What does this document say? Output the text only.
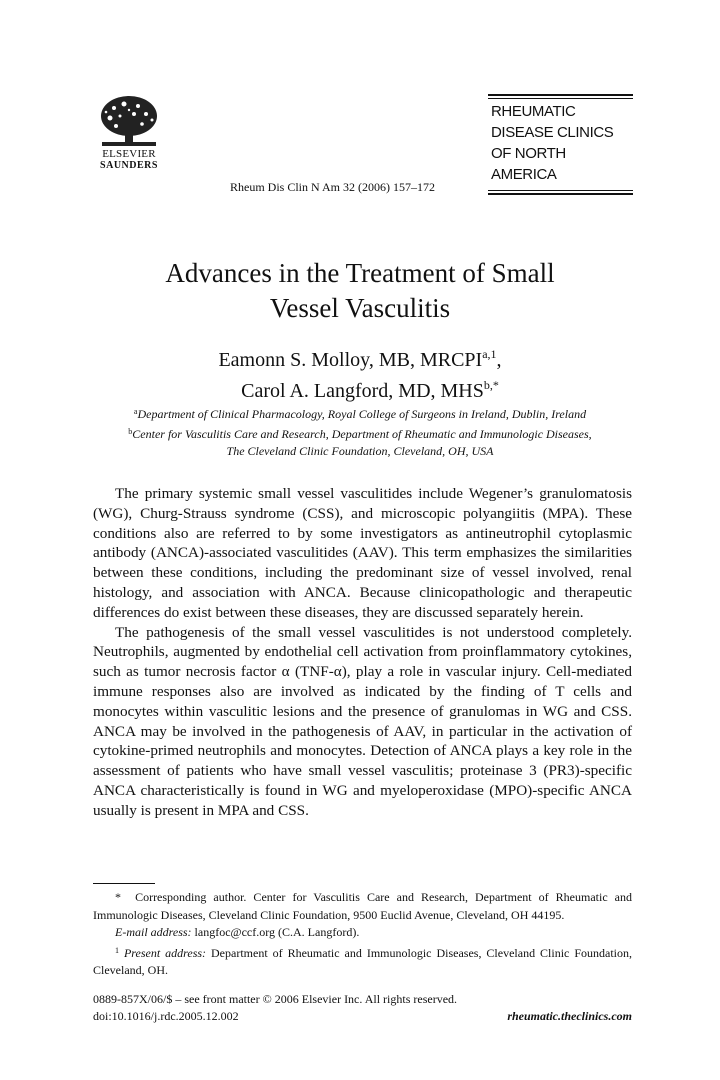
ELSEVIER
SAUNDERS
Rheum Dis Clin N Am 32 (2006) 157–172
RHEUMATIC
DISEASE CLINICS
OF NORTH AMERICA
Advances in the Treatment of Small
Vessel Vasculitis
Eamonn S. Molloy, MB, MRCPI$^{a,1}$,
Carol A. Langford, MD, $MHS^{b,*}$
$^a$Department of Clinical Pharmacology, Royal College of Surgeons in Ireland, Dublin, Ireland
$^b$Center for Vasculitis Care and Research, Department of Rheumatic and Immunologic Diseases,
The Cleveland Clinic Foundation, Cleveland, OH, USA

The primary systemic small vessel vasculitides include Wegener’s granulomatosis (WG), Churg-Strauss syndrome (CSS), and microscopic polyangiitis (MPA). These conditions also are referred to by some investigators as antineutrophil cytoplasmic antibody (ANCA)-associated vasculitides (AAV). This term emphasizes the similarities between these conditions, including the predominant size of vessel involved, renal histology, and association with ANCA. Because clinicopathologic and therapeutic differences do exist between these diseases, they are discussed separately herein.

The pathogenesis of the small vessel vasculitides is not understood completely. Neutrophils, augmented by endothelial cell activation from proinflammatory cytokines, such as tumor necrosis factor α (TNF-α), play a role in vascular injury. Cell-mediated immune responses also are involved as indicated by the finding of T cells and monocytes within vasculitic lesions and the presence of granulomas in WG and CSS. ANCA may be involved in the pathogenesis of AAV, in particular in the activation of cytokine-primed neutrophils and monocytes. Detection of ANCA plays a key role in the assessment of patients who have small vessel vasculitis; proteinase 3 (PR3)-specific ANCA characteristically is found in WG and myeloperoxidase (MPO)-specific ANCA usually is present in MPA and CSS.

* Corresponding author. Center for Vasculitis Care and Research, Department of Rheumatic and Immunologic Diseases, Cleveland Clinic Foundation, 9500 Euclid Avenue, Cleveland, OH 44195.

E-mail address: langfoc@ccf.org (C.A. Langford).

$^1$ Present address: Department of Rheumatic and Immunologic Diseases, Cleveland Clinic Foundation, Cleveland, OH.

0889-857X/06/$ – see front matter © 2006 Elsevier Inc. All rights reserved.
doi:10.1016/j.rdc.2005.12.002	rheumatic.theclinics.com
